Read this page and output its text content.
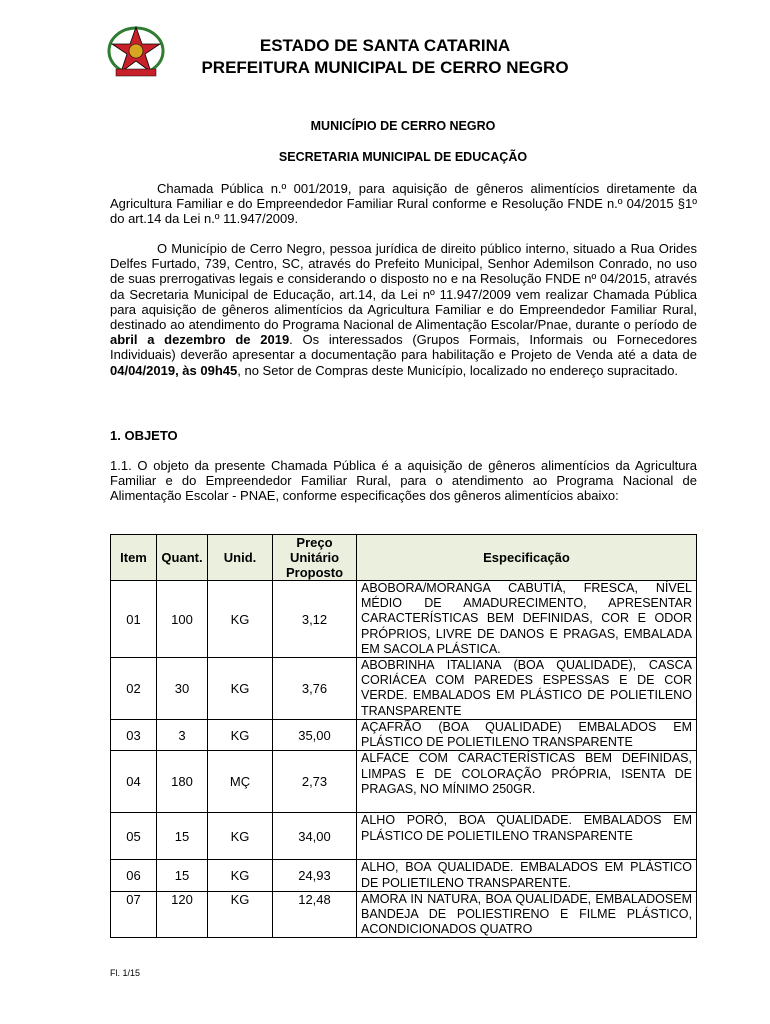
ESTADO DE SANTA CATARINA
PREFEITURA MUNICIPAL DE CERRO NEGRO
MUNICÍPIO DE CERRO NEGRO
SECRETARIA MUNICIPAL DE EDUCAÇÃO
Chamada Pública n.º 001/2019, para aquisição de gêneros alimentícios diretamente da Agricultura Familiar e do Empreendedor Familiar Rural conforme e Resolução FNDE n.º 04/2015 §1º do art.14 da Lei n.º 11.947/2009.
O Município de Cerro Negro, pessoa jurídica de direito público interno, situado a Rua Orides Delfes Furtado, 739, Centro, SC, através do Prefeito Municipal, Senhor Ademilson Conrado, no uso de suas prerrogativas legais e considerando o disposto no e na Resolução FNDE nº 04/2015, através da Secretaria Municipal de Educação, art.14, da Lei nº 11.947/2009 vem realizar Chamada Pública para aquisição de gêneros alimentícios da Agricultura Familiar e do Empreendedor Familiar Rural, destinado ao atendimento do Programa Nacional de Alimentação Escolar/Pnae, durante o período de abril a dezembro de 2019. Os interessados (Grupos Formais, Informais ou Fornecedores Individuais) deverão apresentar a documentação para habilitação e Projeto de Venda até a data de 04/04/2019, às 09h45, no Setor de Compras deste Município, localizado no endereço supracitado.
1. OBJETO
1.1. O objeto da presente Chamada Pública é a aquisição de gêneros alimentícios da Agricultura Familiar e do Empreendedor Familiar Rural, para o atendimento ao Programa Nacional de Alimentação Escolar - PNAE, conforme especificações dos gêneros alimentícios abaixo:
Item	Quant.	Unid.	Preço Unitário Proposto	Especificação
01	100	KG	3,12	ABOBORA/MORANGA CABUTIÁ, FRESCA, NÍVEL MÉDIO DE AMADURECIMENTO, APRESENTAR CARACTERÍSTICAS BEM DEFINIDAS, COR E ODOR PRÓPRIOS, LIVRE DE DANOS E PRAGAS, EMBALADA EM SACOLA PLÁSTICA.
02	30	KG	3,76	ABOBRINHA ITALIANA (BOA QUALIDADE), CASCA CORIÁCEA COM PAREDES ESPESSAS E DE COR VERDE. EMBALADOS EM PLÁSTICO DE POLIETILENO TRANSPARENTE
03	3	KG	35,00	AÇAFRÃO (BOA QUALIDADE) EMBALADOS EM PLÁSTICO DE POLIETILENO TRANSPARENTE
04	180	MÇ	2,73	ALFACE COM CARACTERÍSTICAS BEM DEFINIDAS, LIMPAS E DE COLORAÇÃO PRÓPRIA, ISENTA DE PRAGAS, NO MÍNIMO 250GR.
05	15	KG	34,00	ALHO PORÓ, BOA QUALIDADE. EMBALADOS EM PLÁSTICO DE POLIETILENO TRANSPARENTE
06	15	KG	24,93	ALHO, BOA QUALIDADE. EMBALADOS EM PLÁSTICO DE POLIETILENO TRANSPARENTE.
07	120	KG	12,48	AMORA IN NATURA, BOA QUALIDADE, EMBALADOSEM BANDEJA DE POLIESTIRENO E FILME PLÁSTICO, ACONDICIONADOS QUATRO
Fl. 1/15
